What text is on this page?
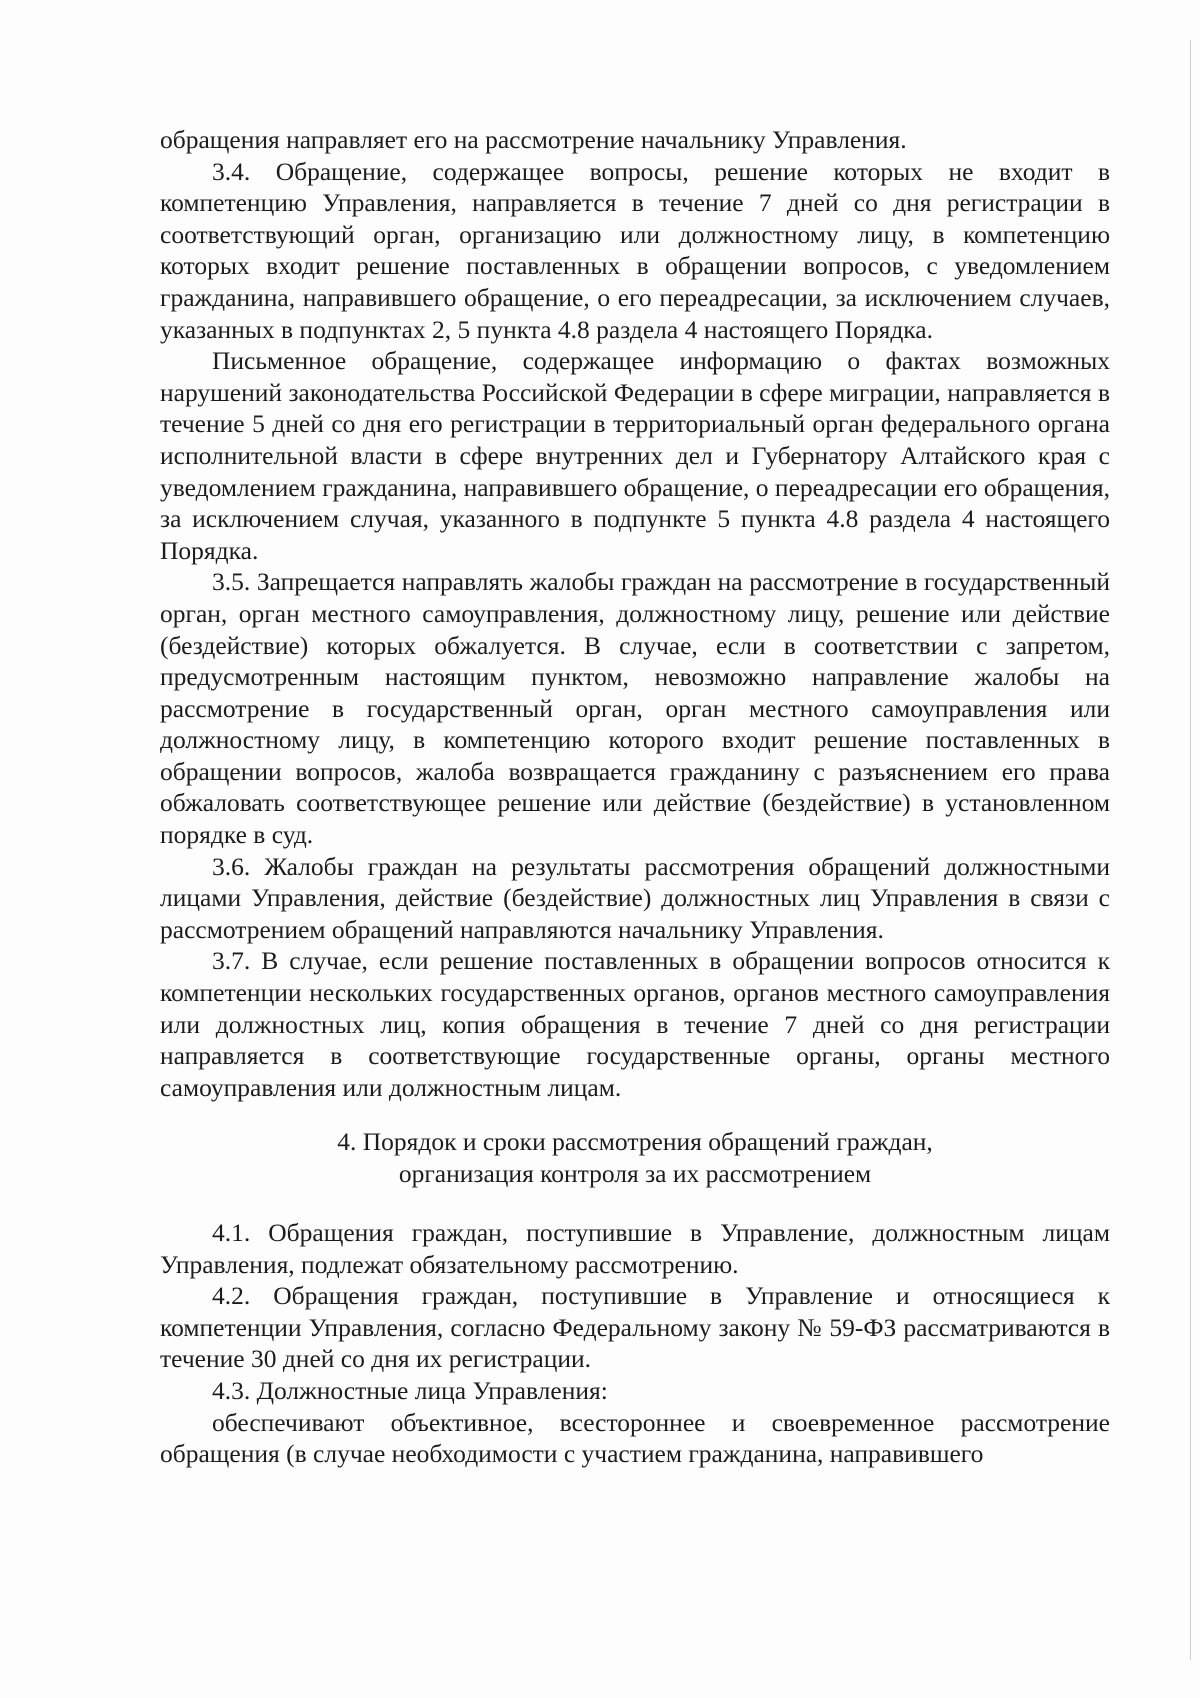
обращения направляет его на рассмотрение начальнику Управления.

3.4. Обращение, содержащее вопросы, решение которых не входит в компетенцию Управления, направляется в течение 7 дней со дня регистрации в соответствующий орган, организацию или должностному лицу, в компетенцию которых входит решение поставленных в обращении вопросов, с уведомлением гражданина, направившего обращение, о его переадресации, за исключением случаев, указанных в подпунктах 2, 5 пункта 4.8 раздела 4 настоящего Порядка.

Письменное обращение, содержащее информацию о фактах возможных нарушений законодательства Российской Федерации в сфере миграции, направляется в течение 5 дней со дня его регистрации в территориальный орган федерального органа исполнительной власти в сфере внутренних дел и Губернатору Алтайского края с уведомлением гражданина, направившего обращение, о переадресации его обращения, за исключением случая, указанного в подпункте 5 пункта 4.8 раздела 4 настоящего Порядка.

3.5. Запрещается направлять жалобы граждан на рассмотрение в государственный орган, орган местного самоуправления, должностному лицу, решение или действие (бездействие) которых обжалуется. В случае, если в соответствии с запретом, предусмотренным настоящим пунктом, невозможно направление жалобы на рассмотрение в государственный орган, орган местного самоуправления или должностному лицу, в компетенцию которого входит решение поставленных в обращении вопросов, жалоба возвращается гражданину с разъяснением его права обжаловать соответствующее решение или действие (бездействие) в установленном порядке в суд.

3.6. Жалобы граждан на результаты рассмотрения обращений должностными лицами Управления, действие (бездействие) должностных лиц Управления в связи с рассмотрением обращений направляются начальнику Управления.

3.7. В случае, если решение поставленных в обращении вопросов относится к компетенции нескольких государственных органов, органов местного самоуправления или должностных лиц, копия обращения в течение 7 дней со дня регистрации направляется в соответствующие государственные органы, органы местного самоуправления или должностным лицам.

4. Порядок и сроки рассмотрения обращений граждан,
организация контроля за их рассмотрением

4.1. Обращения граждан, поступившие в Управление, должностным лицам Управления, подлежат обязательному рассмотрению.

4.2. Обращения граждан, поступившие в Управление и относящиеся к компетенции Управления, согласно Федеральному закону № 59-ФЗ рассматриваются в течение 30 дней со дня их регистрации.

4.3. Должностные лица Управления:

обеспечивают объективное, всестороннее и своевременное рассмотрение обращения (в случае необходимости с участием гражданина, направившего
